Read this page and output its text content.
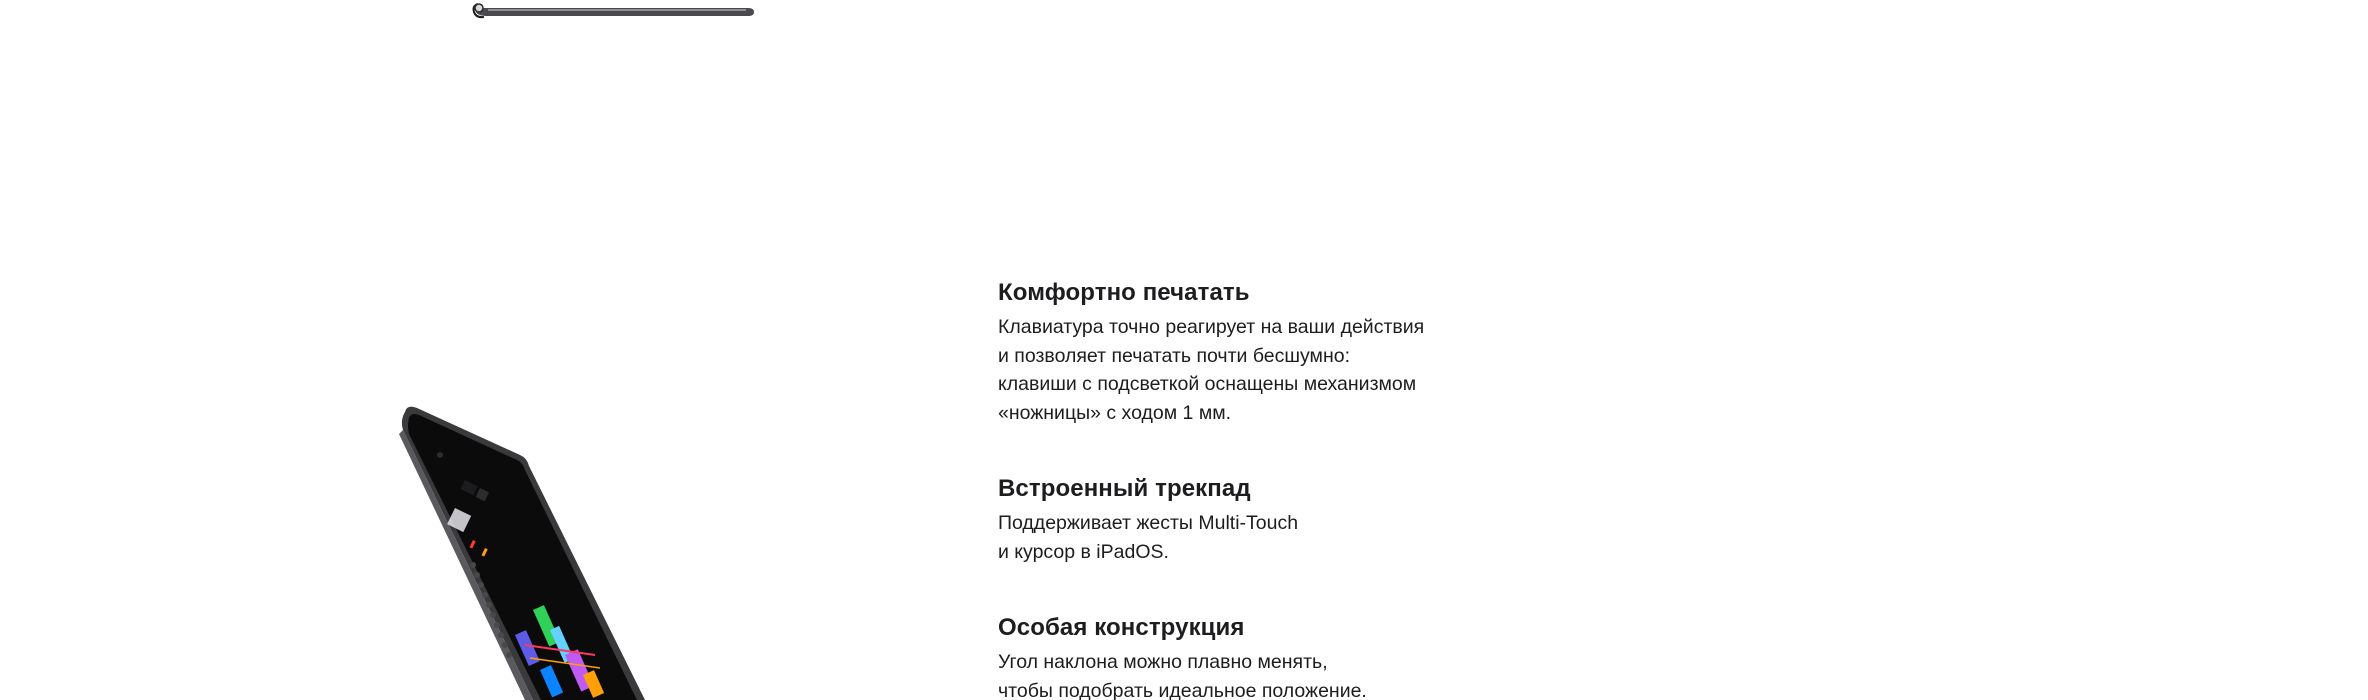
Комфортно печатать

Клавиатура точно реагирует на ваши действия
и позволяет печатать почти бесшумно:
клавиши с подсветкой оснащены механизмом
«ножницы» с ходом 1 мм.

Встроенный трекпад

Поддерживает жесты Multi-Touch
и курсор в iPadOS.

Особая конструкция

Угол наклона можно плавно менять,
чтобы подобрать идеальное положение.
